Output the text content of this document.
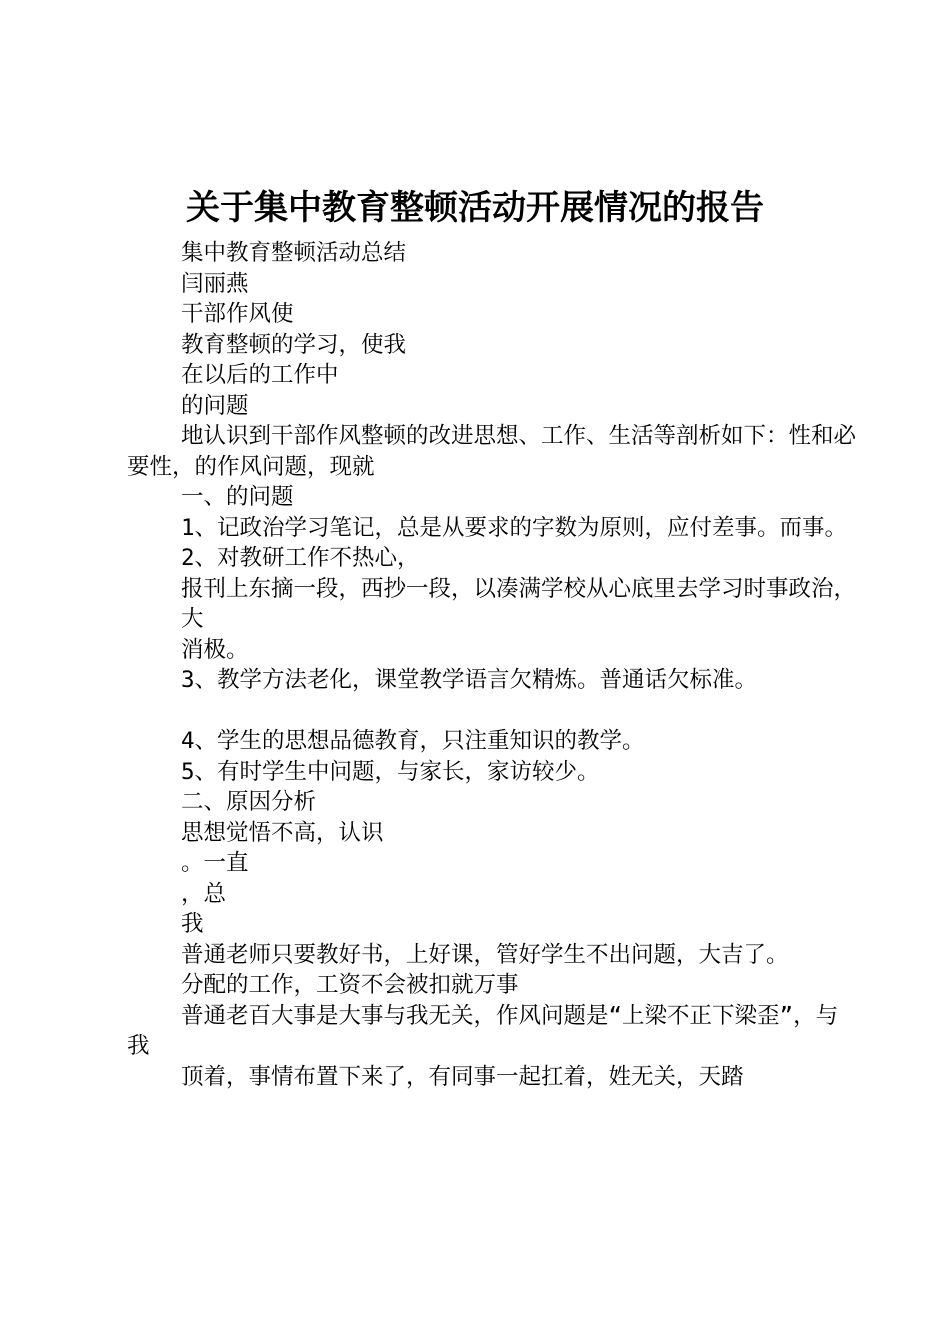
关于集中教育整顿活动开展情况的报告

集中教育整顿活动总结

闫丽燕

干部作风使

教育整顿的学习，使我

在以后的工作中

的问题

地认识到干部作风整顿的改进思想、工作、生活等剖析如下：性和必要性，的作风问题，现就

一、的问题

1、记政治学习笔记，总是从要求的字数为原则，应付差事。而事。

2、对教研工作不热心，

报刊上东摘一段，西抄一段，以凑满学校从心底里去学习时事政治，

大

消极。

3、教学方法老化，课堂教学语言欠精炼。普通话欠标准。

4、学生的思想品德教育，只注重知识的教学。

5、有时学生中问题，与家长，家访较少。

二、原因分析

思想觉悟不高，认识

。一直

，总

我

普通老师只要教好书，上好课，管好学生不出问题，大吉了。

分配的工作，工资不会被扣就万事

普通老百大事是大事与我无关，作风问题是“上梁不正下梁歪”，与我

顶着，事情布置下来了，有同事一起扛着，姓无关，天踏
